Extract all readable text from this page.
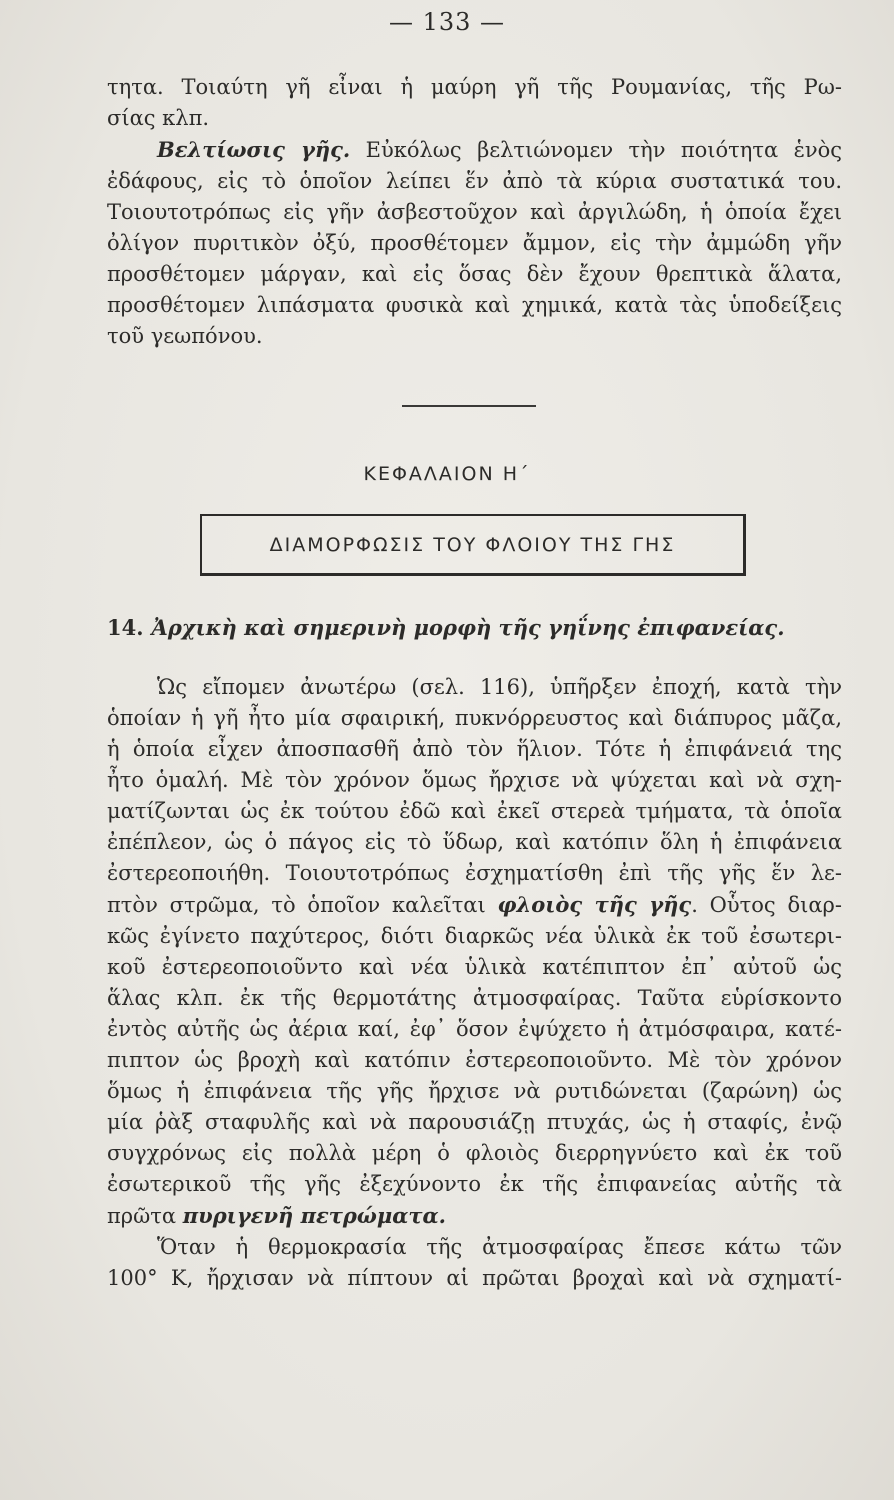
— 133 —
τητα. Τοιαύτη γῆ εἶναι ἡ μαύρη γῆ τῆς Ρουμανίας, τῆς Ρω-
σίας κλπ.
Βελτίωσις γῆς. Εὐκόλως βελτιώνομεν τὴν ποιότητα ἑνὸς
ἐδάφους, εἰς τὸ ὁποῖον λείπει ἕν ἀπὸ τὰ κύρια συστατικά του.
Τοιουτοτρόπως εἰς γῆν ἀσβεστοῦχον καὶ ἀργιλώδη, ἡ ὁποία ἔχει
ὀλίγον πυριτικὸν ὀξύ, προσθέτομεν ἄμμον, εἰς τὴν ἀμμώδη γῆν
προσθέτομεν μάργαν, καὶ εἰς ὅσας δὲν ἔχουν θρεπτικὰ ἅλατα,
προσθέτομεν λιπάσματα φυσικὰ καὶ χημικά, κατὰ τὰς ὑποδείξεις
τοῦ γεωπόνου.
ΚΕΦΑΛΑΙΟΝ Η΄
ΔΙΑΜΟΡΦΩΣΙΣ ΤΟΥ ΦΛΟΙΟΥ ΤΗΣ ΓΗΣ
14. Ἀρχικὴ καὶ σημερινὴ μορφὴ τῆς γηΐνης ἐπιφανείας.
Ὡς εἴπομεν ἀνωτέρω (σελ. 116), ὑπῆρξεν ἐποχή, κατὰ τὴν
ὁποίαν ἡ γῆ ἦτο μία σφαιρική, πυκνόρρευστος καὶ διάπυρος μᾶζα,
ἡ ὁποία εἶχεν ἀποσπασθῆ ἀπὸ τὸν ἥλιον. Τότε ἡ ἐπιφάνειά της
ἦτο ὁμαλή. Μὲ τὸν χρόνον ὅμως ἤρχισε νὰ ψύχεται καὶ νὰ σχη-
ματίζωνται ὡς ἐκ τούτου ἐδῶ καὶ ἐκεῖ στερεὰ τμήματα, τὰ ὁποῖα
ἐπέπλεον, ὡς ὁ πάγος εἰς τὸ ὕδωρ, καὶ κατόπιν ὅλη ἡ ἐπιφάνεια
ἐστερεοποιήθη. Τοιουτοτρόπως ἐσχηματίσθη ἐπὶ τῆς γῆς ἕν λε-
πτὸν στρῶμα, τὸ ὁποῖον καλεῖται φλοιὸς τῆς γῆς. Οὗτος διαρ-
κῶς ἐγίνετο παχύτερος, διότι διαρκῶς νέα ὑλικὰ ἐκ τοῦ ἐσωτερι-
κοῦ ἐστερεοποιοῦντο καὶ νέα ὑλικὰ κατέπιπτον ἐπ᾿ αὐτοῦ ὡς
ἅλας κλπ. ἐκ τῆς θερμοτάτης ἀτμοσφαίρας. Ταῦτα εὑρίσκοντο
ἐντὸς αὐτῆς ὡς ἀέρια καί, ἐφ᾿ ὅσον ἐψύχετο ἡ ἀτμόσφαιρα, κατέ-
πιπτον ὡς βροχὴ καὶ κατόπιν ἐστερεοποιοῦντο. Μὲ τὸν χρόνον
ὅμως ἡ ἐπιφάνεια τῆς γῆς ἤρχισε νὰ ρυτιδώνεται (ζαρώνη) ὡς
μία ῥὰξ σταφυλῆς καὶ νὰ παρουσιάζῃ πτυχάς, ὡς ἡ σταφίς, ἐνῷ
συγχρόνως εἰς πολλὰ μέρη ὁ φλοιὸς διερρηγνύετο καὶ ἐκ τοῦ
ἐσωτερικοῦ τῆς γῆς ἐξεχύνοντο ἐκ τῆς ἐπιφανείας αὐτῆς τὰ
πρῶτα πυριγενῆ πετρώματα.
Ὅταν ἡ θερμοκρασία τῆς ἀτμοσφαίρας ἔπεσε κάτω τῶν
100° Κ, ἤρχισαν νὰ πίπτουν αἱ πρῶται βροχαὶ καὶ νὰ σχηματί-
